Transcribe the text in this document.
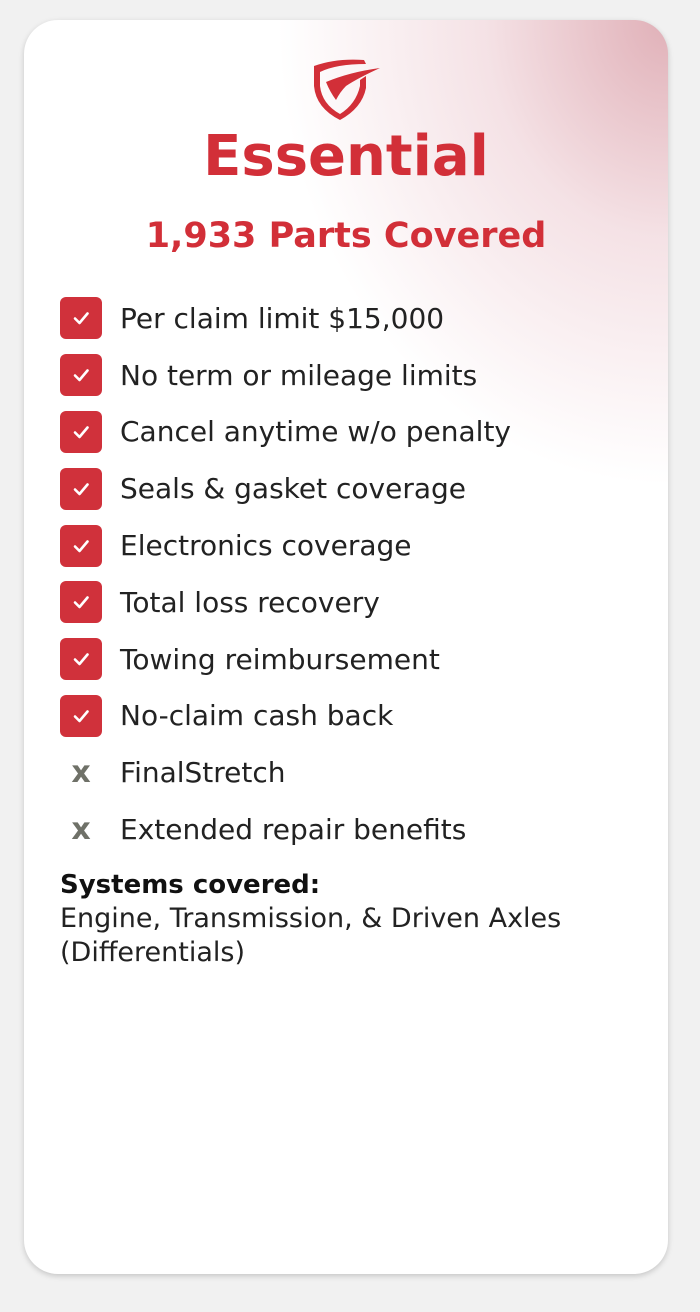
Essential
1,933 Parts Covered
Per claim limit $15,000
No term or mileage limits
Cancel anytime w/o penalty
Seals & gasket coverage
Electronics coverage
Total loss recovery
Towing reimbursement
No-claim cash back
x	FinalStretch
x	Extended repair benefits
Systems covered:
Engine, Transmission, & Driven Axles (Differentials)
